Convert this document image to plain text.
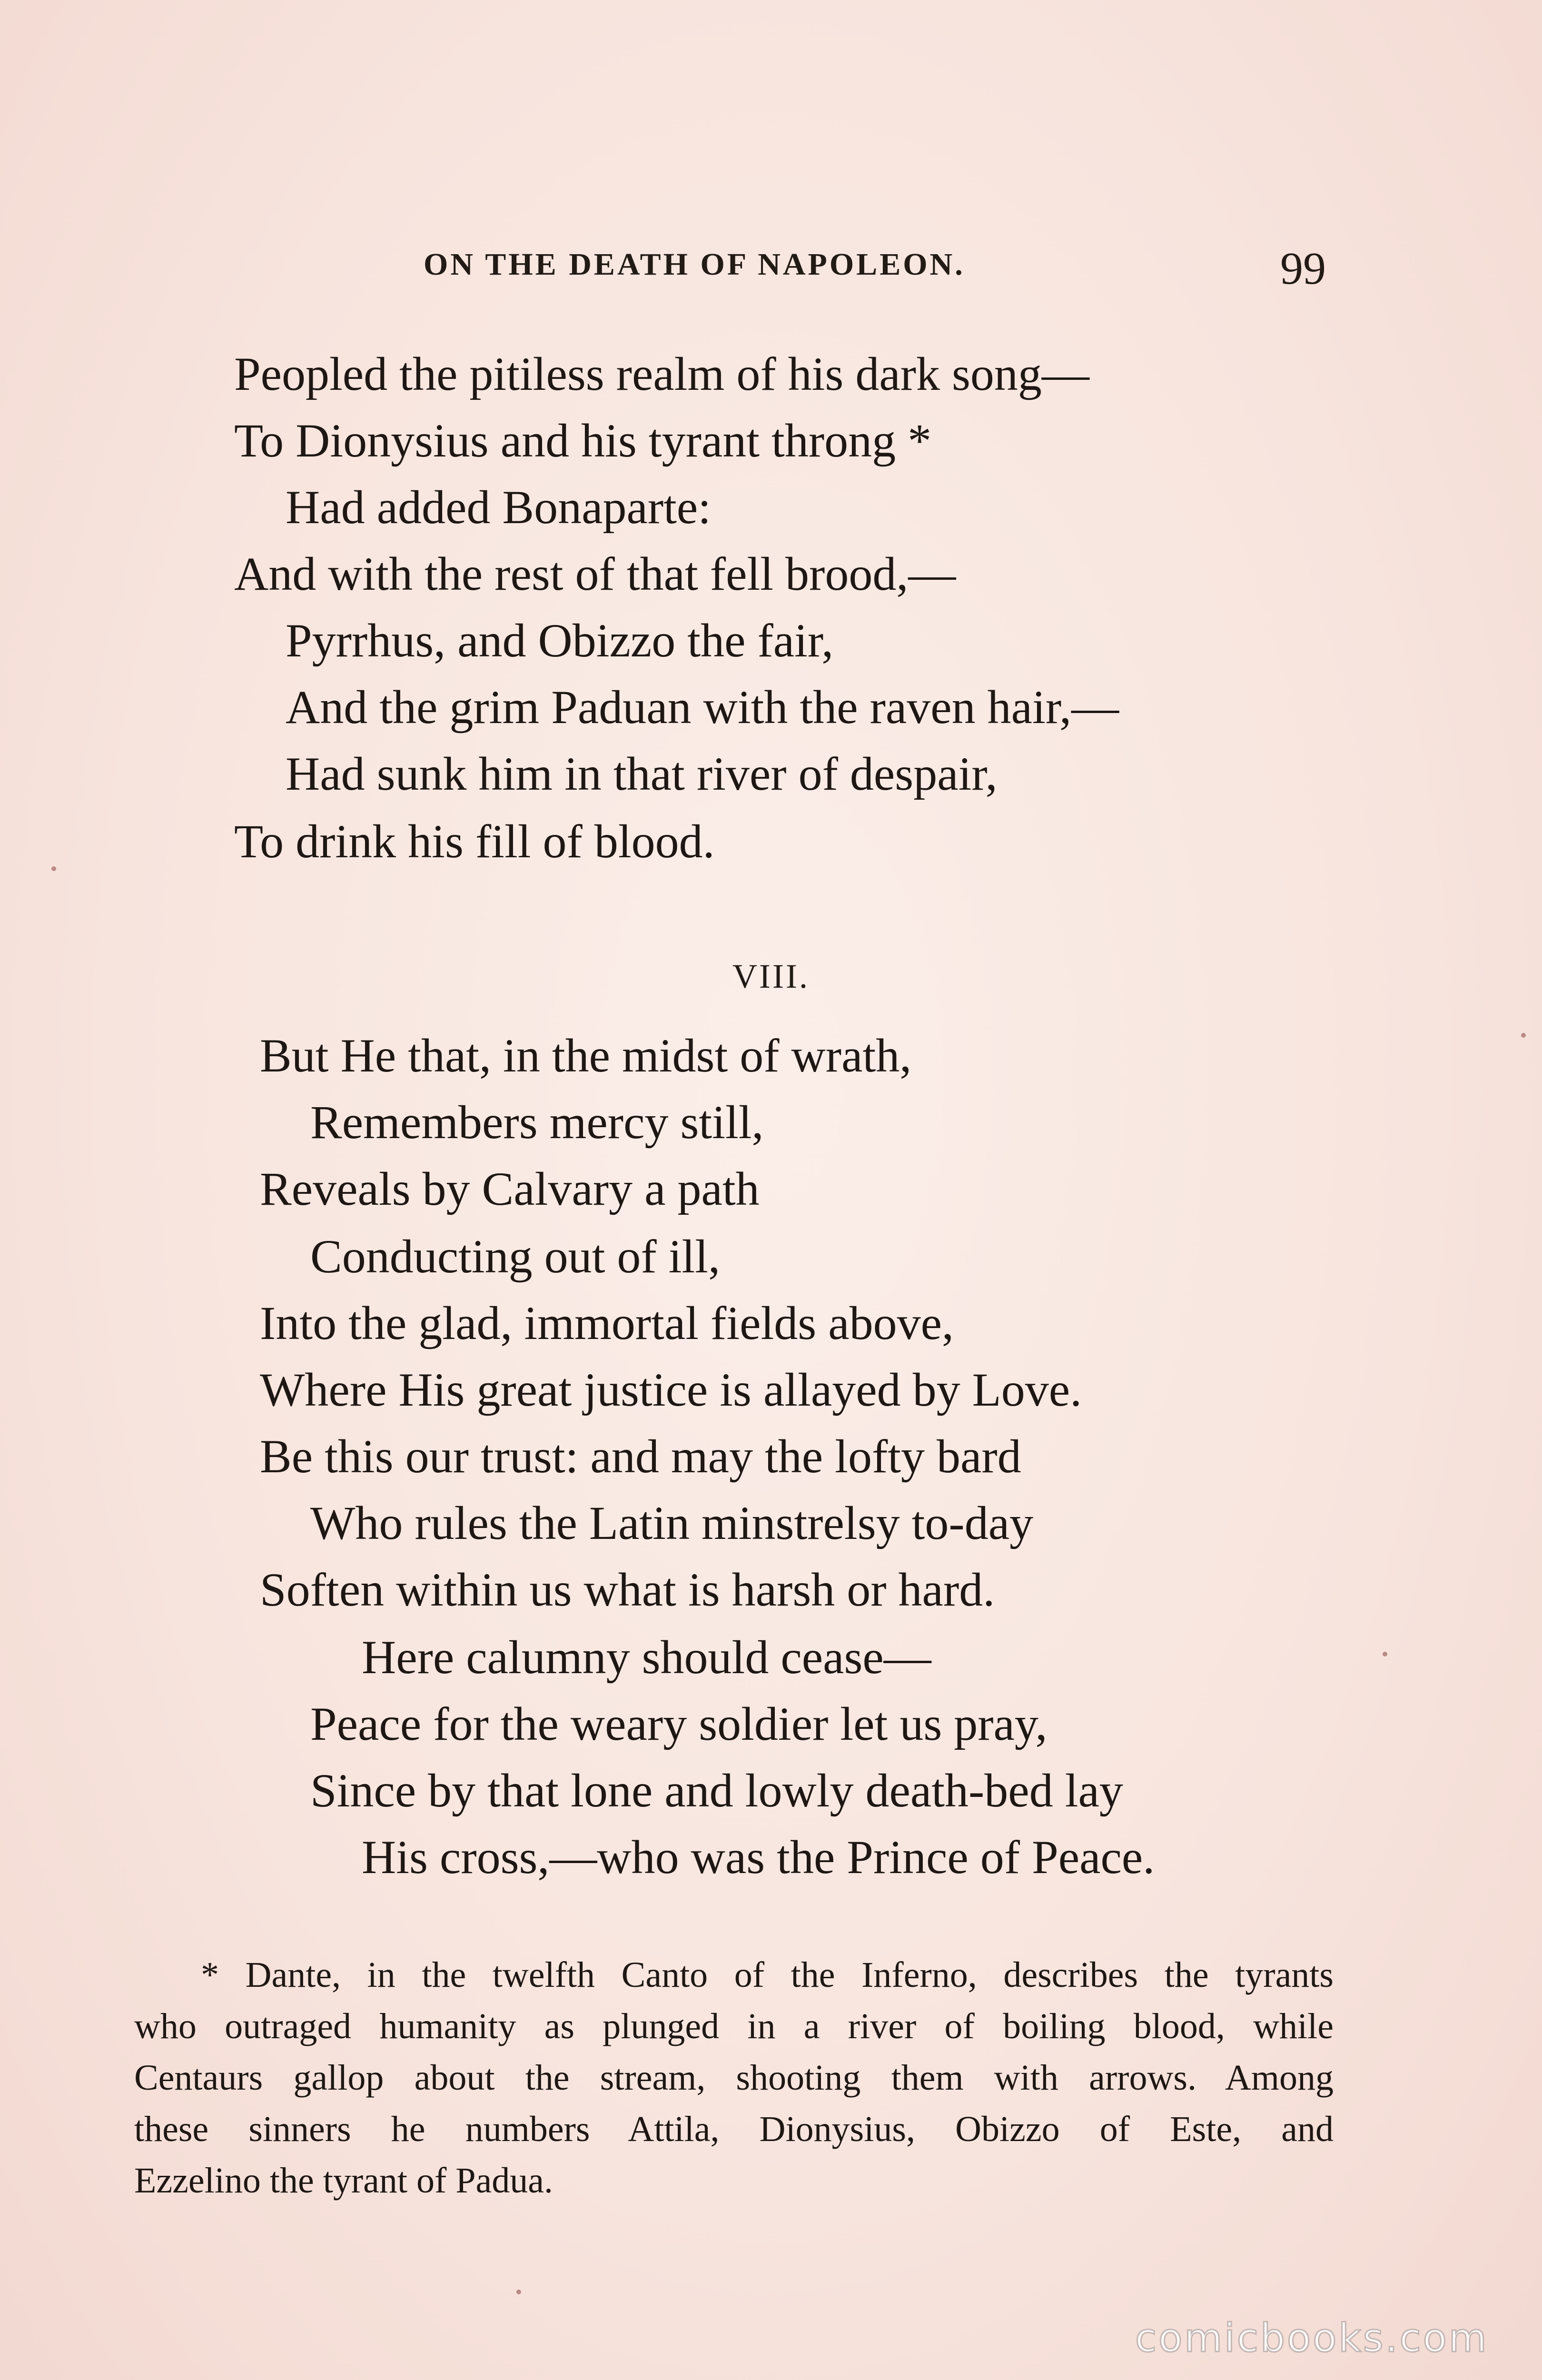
ON THE DEATH OF NAPOLEON.	99
Peopled the pitiless realm of his dark song—
To Dionysius and his tyrant throng *
Had added Bonaparte:
And with the rest of that fell brood,—
Pyrrhus, and Obizzo the fair,
And the grim Paduan with the raven hair,—
Had sunk him in that river of despair,
To drink his fill of blood.
VIII.
But He that, in the midst of wrath,
Remembers mercy still,
Reveals by Calvary a path
Conducting out of ill,
Into the glad, immortal fields above,
Where His great justice is allayed by Love.
Be this our trust: and may the lofty bard
Who rules the Latin minstrelsy to-day
Soften within us what is harsh or hard.
Here calumny should cease—
Peace for the weary soldier let us pray,
Since by that lone and lowly death-bed lay
His cross,—who was the Prince of Peace.
* Dante, in the twelfth Canto of the Inferno, describes the tyrants
who outraged humanity as plunged in a river of boiling blood, while
Centaurs gallop about the stream, shooting them with arrows. Among
these sinners he numbers Attila, Dionysius, Obizzo of Este, and
Ezzelino the tyrant of Padua.
comicbooks.com
